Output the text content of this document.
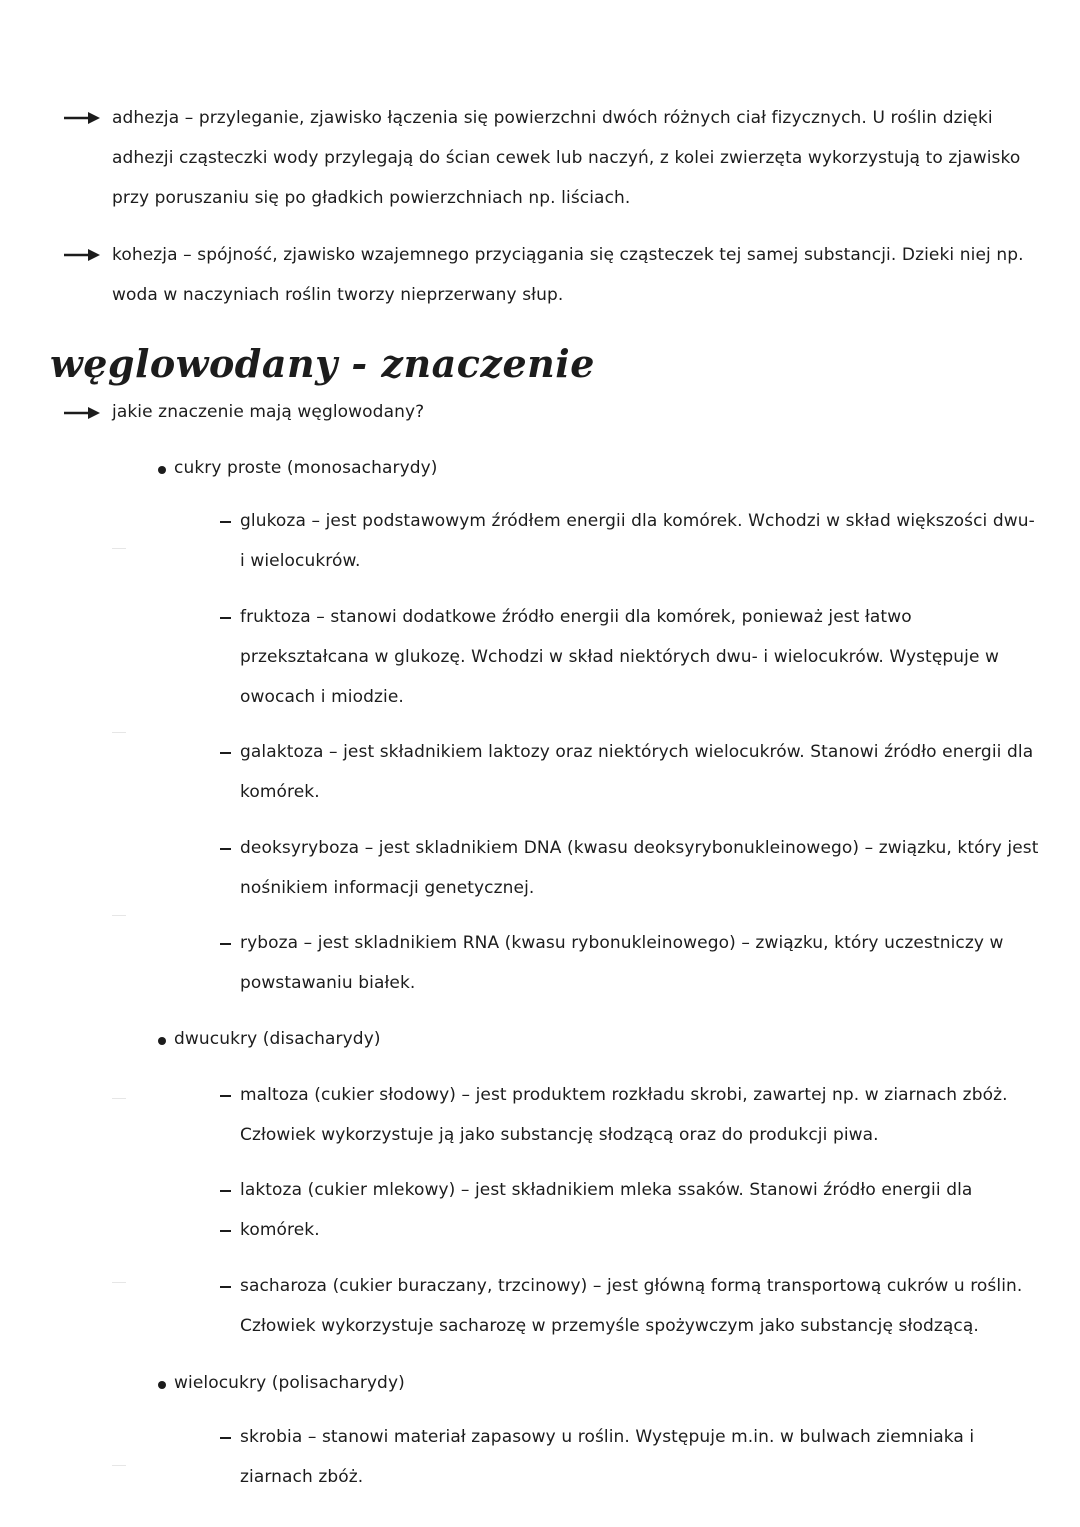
adhezja – przyleganie, zjawisko łączenia się powierzchni dwóch różnych ciał fizycznych. U roślin dzięki
adhezji cząsteczki wody przylegają do ścian cewek lub naczyń, z kolei zwierzęta wykorzystują to zjawisko
przy poruszaniu się po gładkich powierzchniach np. liściach.
kohezja – spójność, zjawisko wzajemnego przyciągania się cząsteczek tej samej substancji. Dzieki niej np.
woda w naczyniach roślin tworzy nieprzerwany słup.
węglowodany - znaczenie
jakie znaczenie mają węglowodany?
cukry proste (monosacharydy)
glukoza – jest podstawowym źródłem energii dla komórek. Wchodzi w skład większości dwu-
i wielocukrów.
fruktoza – stanowi dodatkowe źródło energii dla komórek, ponieważ jest łatwo
przekształcana w glukozę. Wchodzi w skład niektórych dwu- i wielocukrów. Występuje w
owocach i miodzie.
galaktoza – jest składnikiem laktozy oraz niektórych wielocukrów. Stanowi źródło energii dla
komórek.
deoksyryboza – jest skladnikiem DNA (kwasu deoksyrybonukleinowego) – związku, który jest
nośnikiem informacji genetycznej.
ryboza – jest skladnikiem RNA (kwasu rybonukleinowego) – związku, który uczestniczy w
powstawaniu białek.
dwucukry (disacharydy)
maltoza (cukier słodowy) – jest produktem rozkładu skrobi, zawartej np. w ziarnach zbóż.
Człowiek wykorzystuje ją jako substancję słodzącą oraz do produkcji piwa.
laktoza (cukier mlekowy) – jest składnikiem mleka ssaków. Stanowi źródło energii dla
komórek.
sacharoza (cukier buraczany, trzcinowy) – jest główną formą transportową cukrów u roślin.
Człowiek wykorzystuje sacharozę w przemyśle spożywczym jako substancję słodzącą.
wielocukry (polisacharydy)
skrobia – stanowi materiał zapasowy u roślin. Występuje m.in. w bulwach ziemniaka i
ziarnach zbóż.
